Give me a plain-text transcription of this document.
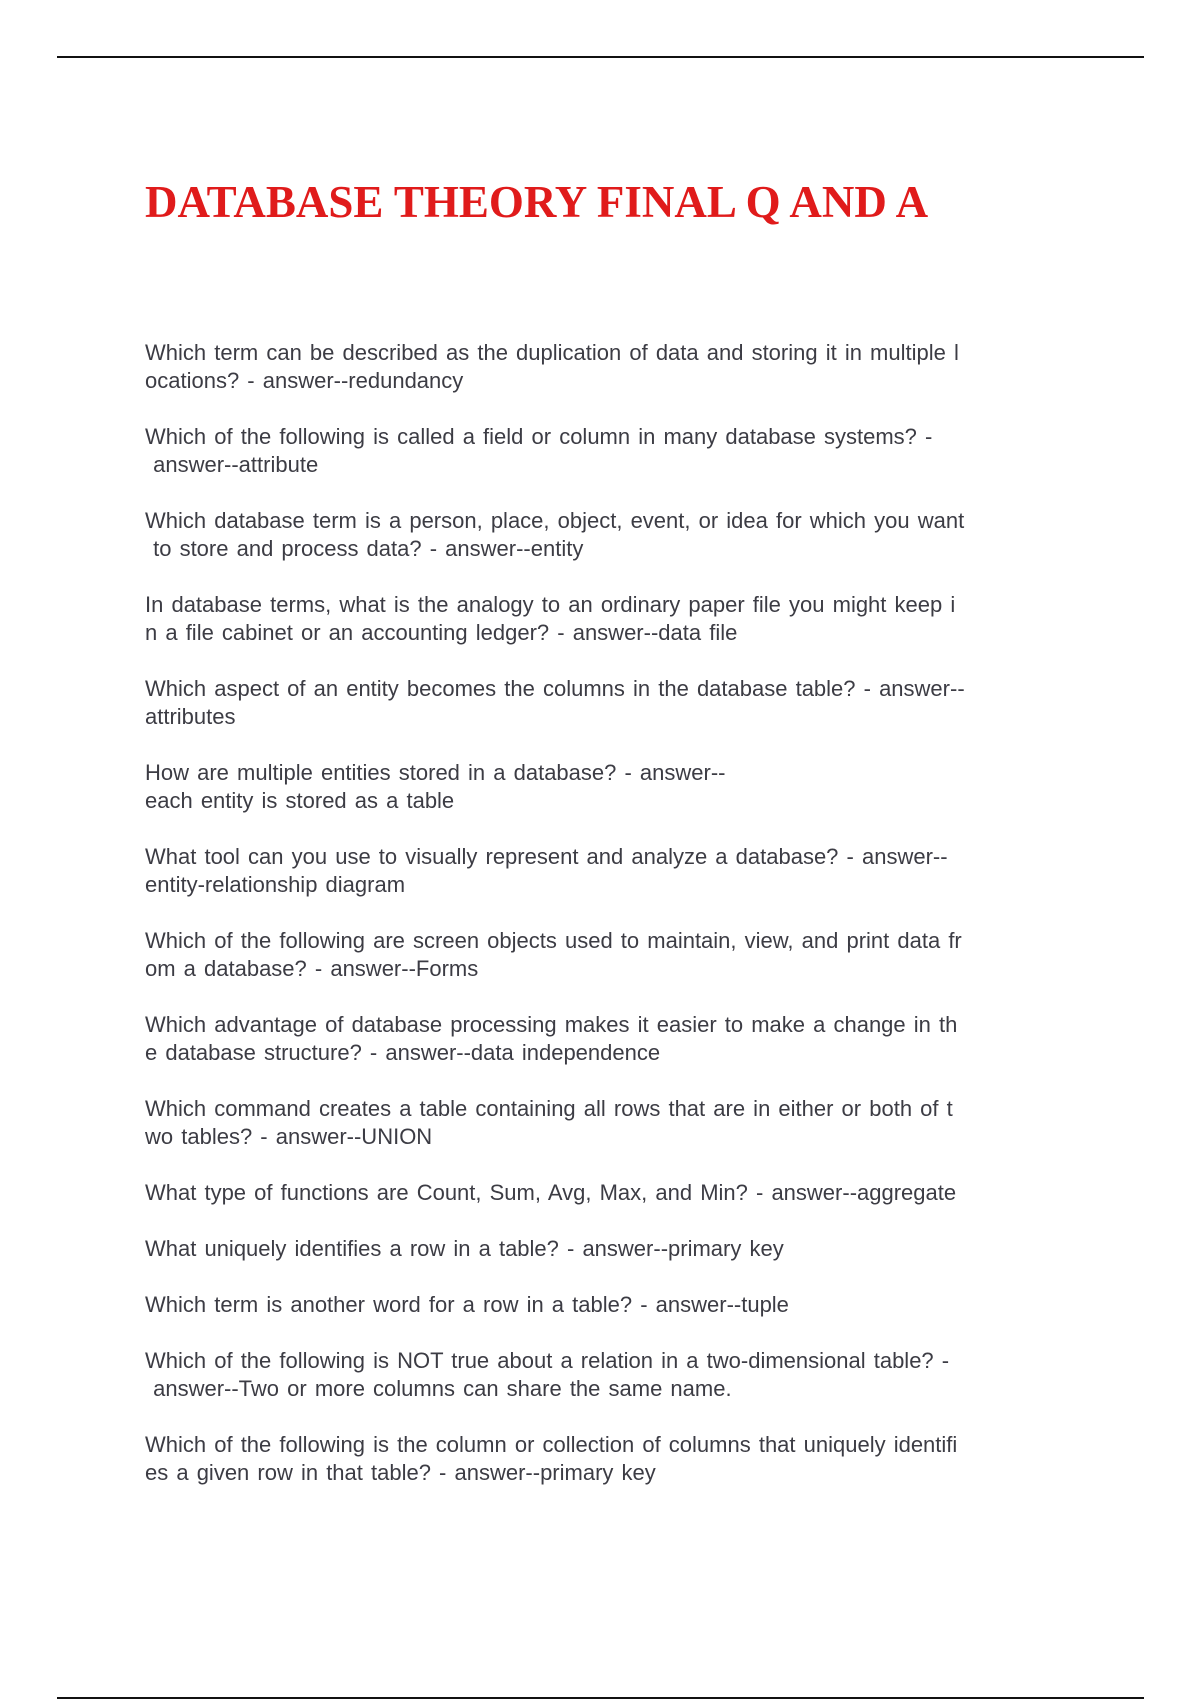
DATABASE THEORY FINAL Q AND A
Which term can be described as the duplication of data and storing it in multiple l
ocations? - answer--redundancy
Which of the following is called a field or column in many database systems? -
answer--attribute
Which database term is a person, place, object, event, or idea for which you want
to store and process data? - answer--entity
In database terms, what is the analogy to an ordinary paper file you might keep i
n a file cabinet or an accounting ledger? - answer--data file
Which aspect of an entity becomes the columns in the database table? - answer--
attributes
How are multiple entities stored in a database? - answer--
each entity is stored as a table
What tool can you use to visually represent and analyze a database? - answer--
entity-relationship diagram
Which of the following are screen objects used to maintain, view, and print data fr
om a database? - answer--Forms
Which advantage of database processing makes it easier to make a change in th
e database structure? - answer--data independence
Which command creates a table containing all rows that are in either or both of t
wo tables? - answer--UNION
What type of functions are Count, Sum, Avg, Max, and Min? - answer--aggregate
What uniquely identifies a row in a table? - answer--primary key
Which term is another word for a row in a table? - answer--tuple
Which of the following is NOT true about a relation in a two-dimensional table? -
answer--Two or more columns can share the same name.
Which of the following is the column or collection of columns that uniquely identifi
es a given row in that table? - answer--primary key
